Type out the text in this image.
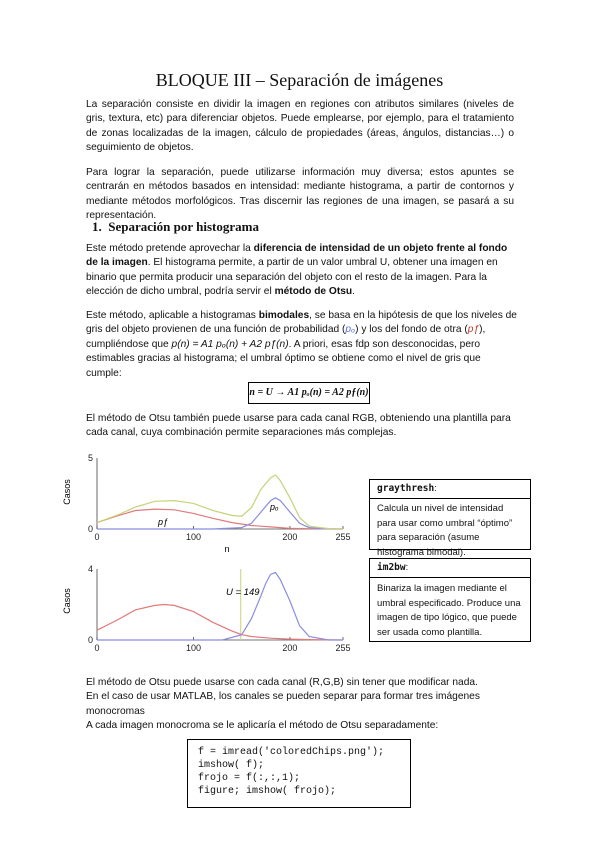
BLOQUE III – Separación de imágenes
La separación consiste en dividir la imagen en regiones con atributos similares (niveles de gris, textura, etc) para diferenciar objetos. Puede emplearse, por ejemplo, para el tratamiento de zonas localizadas de la imagen, cálculo de propiedades (áreas, ángulos, distancias…) o seguimiento de objetos.
Para lograr la separación, puede utilizarse información muy diversa; estos apuntes se centrarán en métodos basados en intensidad: mediante histograma, a partir de contornos y mediante métodos morfológicos. Tras discernir las regiones de una imagen, se pasará a su representación.
1.  Separación por histograma
Este método pretende aprovechar la diferencia de intensidad de un objeto frente al fondo de la imagen. El histograma permite, a partir de un valor umbral U, obtener una imagen en binario que permita producir una separación del objeto con el resto de la imagen. Para la elección de dicho umbral, podría servir el método de Otsu.
Este método, aplicable a histogramas bimodales, se basa en la hipótesis de que los niveles de gris del objeto provienen de una función de probabilidad (pₒ) y los del fondo de otra (pƒ), cumpliéndose que p(n) = A1 pₒ(n) + A2 pƒ(n). A priori, esas fdp son desconocidas, pero estimables gracias al histograma; el umbral óptimo se obtiene como el nivel de gris que cumple:
n = U → A1 pₒ(n) = A2 pƒ(n)
El método de Otsu también puede usarse para cada canal RGB, obteniendo una plantilla para cada canal, cuya combinación permite separaciones más complejas.
0	100	200	255
0
5
Casos
n
pƒ
pₒ
0	100	200	255
0
4
Casos	U = 149
graythresh:
Calcula un nivel de intensidad para usar como umbral “óptimo” para separación (asume histograma bimodal).
im2bw:
Binariza la imagen mediante el umbral especificado. Produce una imagen de tipo lógico, que puede ser usada como plantilla.
El método de Otsu puede usarse con cada canal (R,G,B) sin tener que modificar nada.
En el caso de usar MATLAB, los canales se pueden separar para formar tres imágenes monocromas
A cada imagen monocroma se le aplicaría el método de Otsu separadamente:
f = imread('coloredChips.png');
imshow( f);
frojo = f(:,:,1);
figure; imshow( frojo);
